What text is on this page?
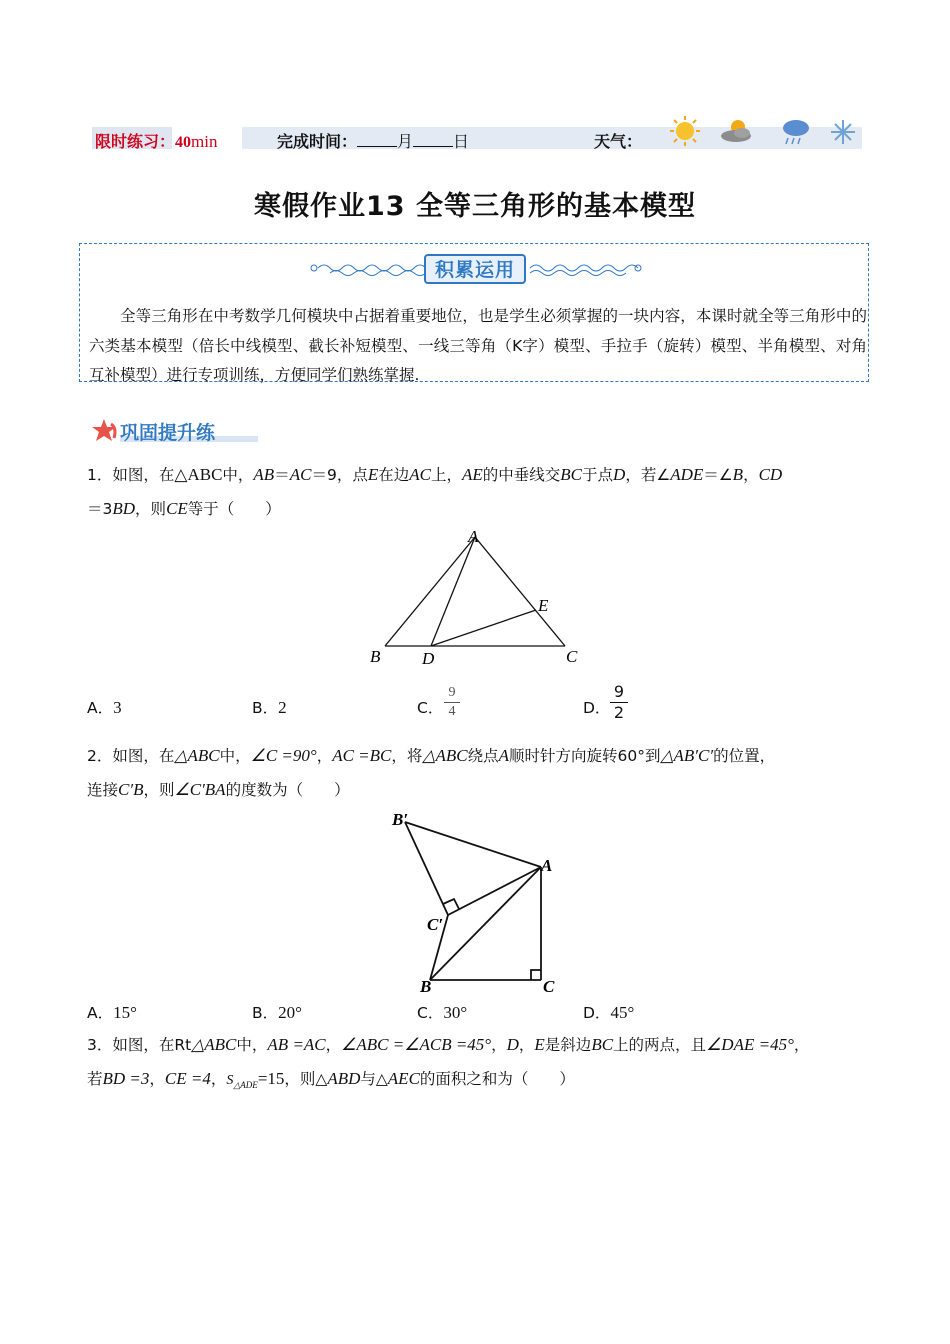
限时练习：40min	完成时间：	月	日	天气：
寒假作业13 全等三角形的基本模型
积累运用
全等三角形在中考数学几何模块中占据着重要地位，也是学生必须掌握的一块内容，本课时就全等三角形中的六类基本模型（倍长中线模型、截长补短模型、一线三等角（K字）模型、手拉手（旋转）模型、半角模型、对角互补模型）进行专项训练，方便同学们熟练掌握.
巩固提升练
1．如图，在△ABC中，AB＝AC＝9，点E在边AC上，AE的中垂线交BC于点D，若∠ADE＝∠B，CD
＝3BD，则CE等于（　　）
A
B D	C
E
A．3	B．2	C．
9
4	D．
9
2
2．如图，在△ABC中，∠C =90°，AC =BC，将△ABC绕点A顺时针方向旋转60°到△AB′C′的位置，
连接C′B，则∠C′BA的度数为（　　）
B′
A
C′
B	C
A．15°	B．20°	C．30°	D．45°
3．如图，在Rt△ABC中，AB =AC，∠ABC =∠ACB =45°，D，E是斜边BC上的两点，且∠DAE =45°，
若BD =3，CE =4，$S_{\triangle ADE}=15$，则△ABD与△AEC的面积之和为（　　）
